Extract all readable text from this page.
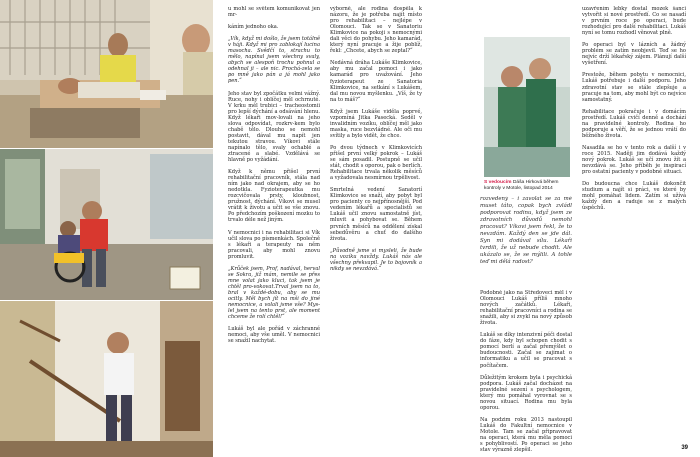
u mohl se světem komunikovat jen mr-

káním jednoho oka.

„Vík, když mi došlo, že jsem totálně v háji. Když mi pro zablokají lucina masocha. Svědčí to, strachu to mělo, napínal jsem všechny svaly, abych se alespoň trochu pohnul a odehnal ji – ale nic. Prochá-zela se po mně jako pán a já mohl jako pen.“

Jeho stav byl zpočátku velmi vážný. Ruce, nohy i oblíčej měl ochrnuté. V krku měl trubici – tracheostomii pro lepší dýchání a odsávání hlenu. Když lékaři mov-lovali na jeho slova odpovídat, rozkrv-kem bylo chabě tělo. Dlouho se nemohl postavit, dával mu napít jen tekutou stravou. Víkovi stále napínalo tělo, svaly ochablé a ztracené a slabé. Vzdělává se hlavně po vyžádání.

Když k němu přišel první rehabilitační pracovník, stála nad ním jako nad okrajem, aby se ho nedotkla. Fyzioterapeutka mu rozcvičovala prsty, kloubnost, pružnost, dýchání. Víkovi se musel vrátit k životu a učit se vše znovu. Po předchozím poškození mozku to trvalo déle než jiným.

V nemocnici i na rehabilitaci si Vík učil slova po písmenkách. Společně s lékaři a terapeuty na něm pracovali, aby mohl znovu promluvit.

„Krůček jsem, Prof, nadával, herval se Sokra, již mám, nemile se přes mne volat jako kluci, tak jsem je chtěl pro-vokovat.Trval jsem na to, bral v každé-dobu, aby se mu ocitly. Měl bych jít na mši do jiné nemocnice, a volali jsme vše? Mys-lel jsem na tento prst, ale moment chceme že rolí chtěl!“

Lukáš byl ale pořád v záchranné nemoci, aby vše uměl. V nemocnici se snažil nachytat.

výborně, ale rodina dospěla k názoru, že je potřeba najít místo pro rehabilitaci – nejlépe v Olomouci. Tak se v Sanatoriu Klimkovice na pokoji s nemocnými dali věci do pohybu. Jeho kamarád, který nyní pracuje a žije poblíž, řekl: „Chcete, abych se zeptal?“

Nedávná dráha Lukáše Klimkovice, aby mu začal pomoci i jako kamarád pro uvažování. Jeho fyzioterapeut ze Sanatoria Klimkovice, na setkání s Lukášem, dal mu novou myšlenku. „Víš, že ty na to máš?“

Když jsem Lukáše viděla poprvé, vzpomíná Jitka Pasecká. Seděl v invalidním vozíku, oblíčej měl jako maska, ruce bezvládné. Ale oči mu svítily a bylo vidět, že chce.

Po dvou týdnech v Klimkovicích přišel první velký pokrok – Lukáš se sám posadil. Postupně se učil stát, chodit s oporou, pak o berlích. Rehabilitace trvala několik měsíců a vyžadovala nesmírnou trpělivost.

Smrtelná vedení Sanatorií Klimkovice se snaží, aby pobyt byl pro pacienty co nejpřínosnější. Pod vedením lékařů a specialistů se Lukáš učil znovu samostatně jíst, mluvit a pohybovat se. Během prvních měsíců na oddělení získal sebedůvěru a chuť do dalšího života.

„Původně jsme si mysleli, že bude na vozíku navždy. Lukáš nás ale všechny překvapil. Je to bojovník a nikdy se nevzdává.“

S vedoucím Dáša Hirková během kontroly v Motole, listopad 2014
rozvedený – i zavolat se za mé muset táto, copak bych zvládl podporovat rodinu, když jsem ze zdravotních důvodů nemohl pracovat? Víkovi jsem řekl, že to nevzdám. Každý den se jde dál. Syn mi dodával sílu. Lékaři tvrdili, že už nebude chodit. Ale ukázalo se, že se mýlili. A tohle teď mi dělá radost?

Podobně jako na Středoveci měl i v Olomouci Lukáš příliš mnoho nových začátků. Lékaři, rehabilitační pracovníci a rodina se snažili, aby si zvykl na nový způsob života.

Lukáš se díky intenzivní péči dostal do fáze, kdy byl schopen chodit s pomocí berlí a začal přemýšlet o budoucnosti. Začal se zajímat o informatiku a učil se pracovat s počítačem.

Důležitým krokem byla i psychická podpora. Lukáš začal docházet na pravidelné sezení s psychologem, který mu pomáhal vyrovnat se s novou situací. Rodina mu byla oporou.

Na podzim roku 2013 nastoupil Lukáš do Fakultní nemocnice v Motole. Tam se začal připravovat na operaci, která mu měla pomoci s pohyblivostí. Po operaci se jeho stav výrazně zlepšil.

uzavřením lebky dostal mozek šanci vytvořit si nové prostředí. Co se nasadí v prvním roce po operaci, bude rozhodující pro další rehabilitaci. Lukáš nyní se tomu rozhodl věnovat plně.

Po operaci byl v lázních a žádný problém se zatím neobjevil. Teď se ho nejvíc drží lékařský zájem. Plánují další vyšetření.

Prestože, během pobytu v nemocnici, Lukáš potřebuje i další podporu. Jeho zdravotní stav se stále zlepšuje a pracuje na tom, aby mohl být co nejvíce samostatný.

Rehabilitace pokračuje i v domácím prostředí. Lukáš cvičí denně a dochází na pravidelné kontroly. Rodina ho podporuje a věří, že se jednou vrátí do běžného života.

Nasadila se ho v tento rok a další i v roce 2015. Naději jim dodává každý nový pokrok. Lukáš se učí znovu žít a nevzdává se. Jeho příběh je inspirací pro ostatní pacienty v podobné situaci.

Do budoucna chce Lukáš dokončit studium a najít si práci, ve které by mohl pomáhat lidem. Zatím si užívá každý den a raduje se z malých úspěchů.

39
